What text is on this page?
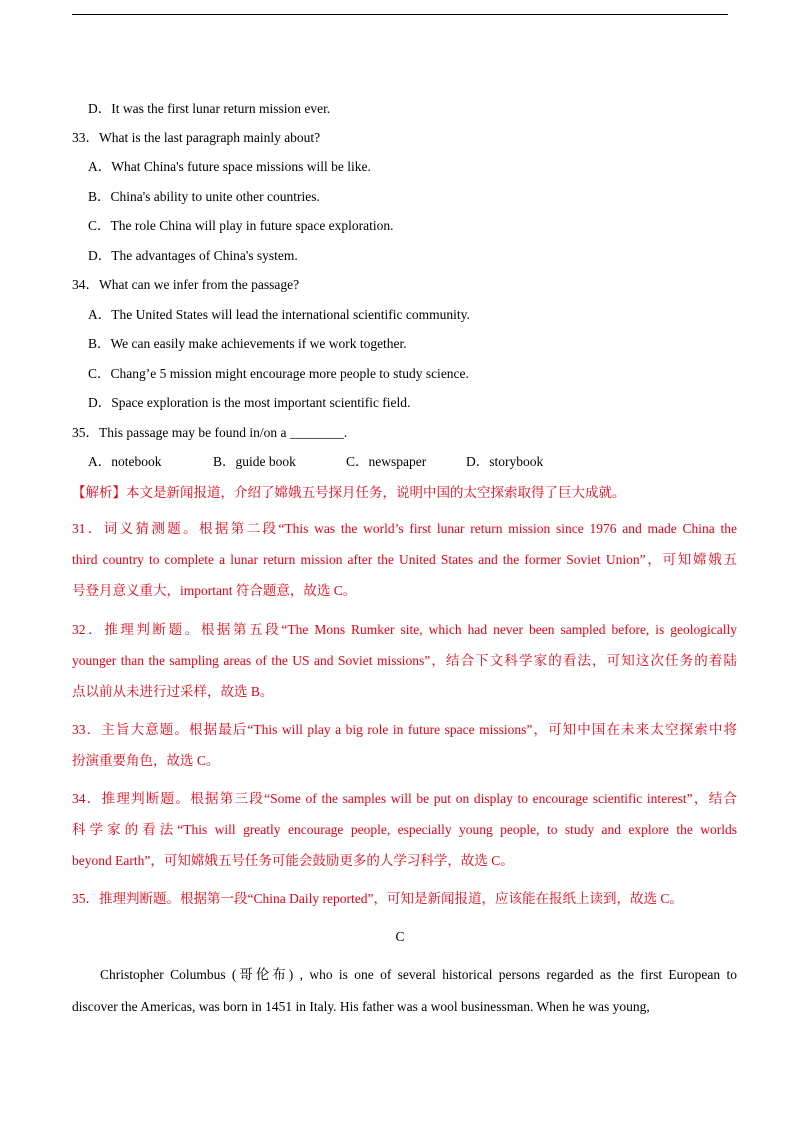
D．It was the first lunar return mission ever.

33．What is the last paragraph mainly about?

A．What China's future space missions will be like.

B．China's ability to unite other countries.

C．The role China will play in future space exploration.

D．The advantages of China's system.

34．What can we infer from the passage?

A．The United States will lead the international scientific community.

B．We can easily make achievements if we work together.

C．Chang’e 5 mission might encourage more people to study science.

D．Space exploration is the most important scientific field.

35．This passage may be found in/on a ________.

A．notebook	B．guide book	C．newspaper	D．storybook

【解析】本文是新闻报道，介绍了嫦娥五号探月任务，说明中国的太空探索取得了巨大成就。

31．词义猜测题。根据第二段“This was the world’s first lunar return mission since 1976 and made China the

third country to complete a lunar return mission after the United States and the former Soviet Union”，可知嫦娥五

号登月意义重大，important 符合题意，故选 C。

32．推理判断题。根据第五段“The Mons Rumker site, which had never been sampled before, is geologically

younger than the sampling areas of the US and Soviet missions”，结合下文科学家的看法，可知这次任务的着陆

点以前从未进行过采样，故选 B。

33．主旨大意题。根据最后“This will play a big role in future space missions”，可知中国在未来太空探索中将

扮演重要角色，故选 C。

34．推理判断题。根据第三段“Some of the samples will be put on display to encourage scientific interest”，结合

科学家的看法“This will greatly encourage people, especially young people, to study and explore the worlds

beyond Earth”，可知嫦娥五号任务可能会鼓励更多的人学习科学，故选 C。

35．推理判断题。根据第一段“China Daily reported”，可知是新闻报道，应该能在报纸上读到，故选 C。

C

Christopher Columbus (哥伦布) , who is one of several historical persons regarded as the first European to

discover the Americas, was born in 1451 in Italy. His father was a wool businessman. When he was young,
